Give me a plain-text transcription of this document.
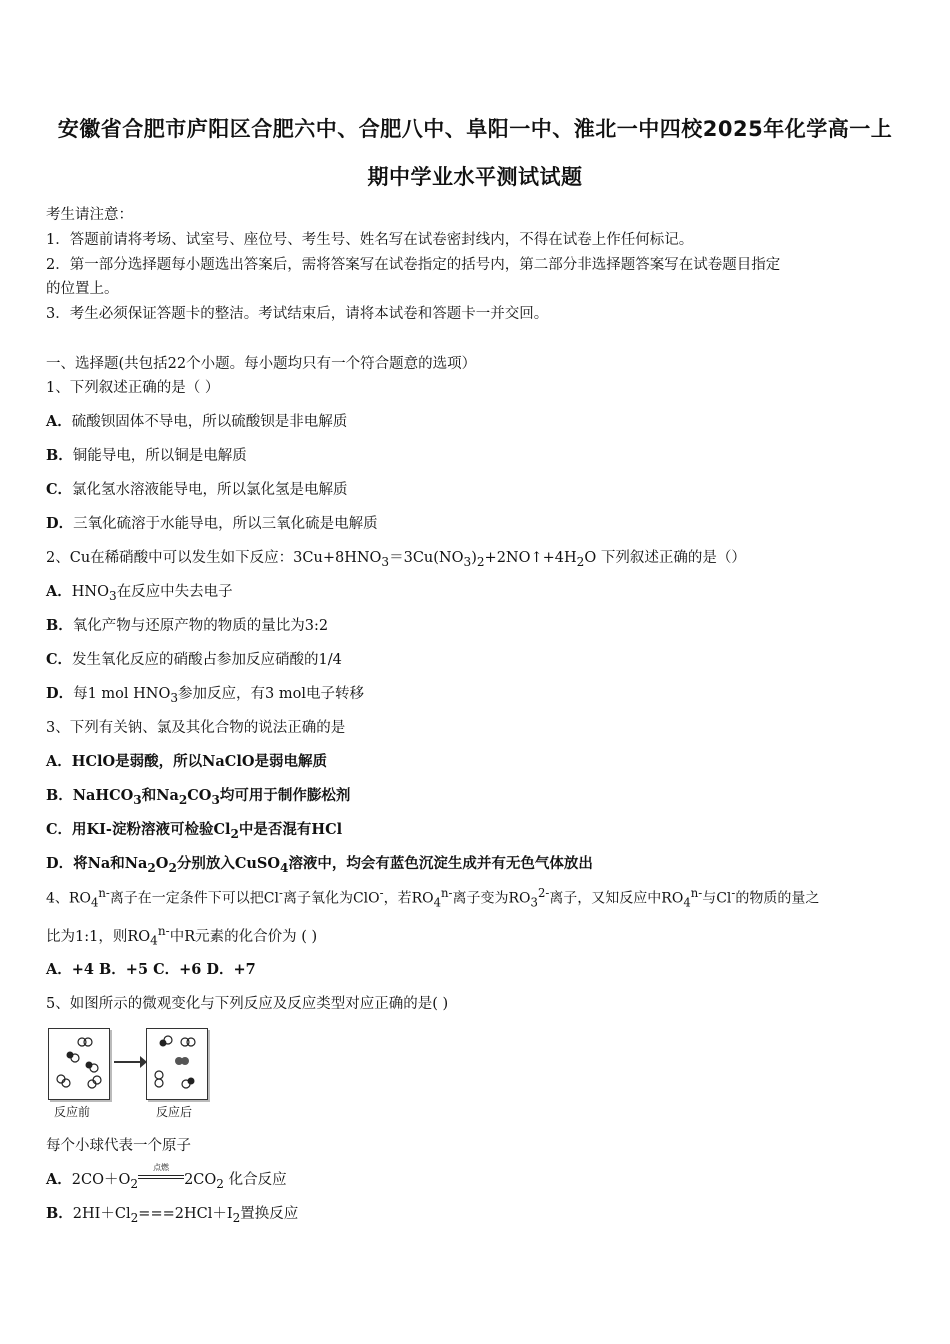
安徽省合肥市庐阳区合肥六中、合肥八中、阜阳一中、淮北一中四校2025年化学高一上
期中学业水平测试试题
考生请注意：
1．答题前请将考场、试室号、座位号、考生号、姓名写在试卷密封线内，不得在试卷上作任何标记。
2．第一部分选择题每小题选出答案后，需将答案写在试卷指定的括号内，第二部分非选择题答案写在试卷题目指定
的位置上。
3．考生必须保证答题卡的整洁。考试结束后，请将本试卷和答题卡一并交回。
一、选择题(共包括22个小题。每小题均只有一个符合题意的选项）
1、下列叙述正确的是（ ）
A．硫酸钡固体不导电，所以硫酸钡是非电解质
B．铜能导电，所以铜是电解质
C．氯化氢水溶液能导电，所以氯化氢是电解质
D．三氧化硫溶于水能导电，所以三氧化硫是电解质
2、Cu在稀硝酸中可以发生如下反应：$3Cu+8HNO_3=3Cu(NO_3)_2+2NO↑+4H_2O$ 下列叙述正确的是（）
A．$HNO_3$在反应中失去电子
B．氧化产物与还原产物的物质的量比为3:2
C．发生氧化反应的硝酸占参加反应硝酸的1/4
D．每1 mol $HNO_3$参加反应，有3 mol电子转移
3、下列有关钠、氯及其化合物的说法正确的是
A．HClO是弱酸，所以NaClO是弱电解质
B．NaHCO$_3$和$Na_2CO_3$均可用于制作膨松剂
C．用KI-淀粉溶液可检验$Cl_2$中是否混有HCl
D．将Na和$Na_2O_2$分别放入CuSO$_4$溶液中，均会有蓝色沉淀生成并有无色气体放出
4、$RO_4^{n-}$离子在一定条件下可以把Cl-离子氧化为ClO-，若$RO_4^{n-}$离子变为$RO_3^{2-}$离子，又知反应中$RO_4^{n-}$与Cl-的物质的量之
比为1:1，则$RO_4^{n-}$中R元素的化合价为 ( )
A．+4 B．+5 C．+6 D．+7
5、如图所示的微观变化与下列反应及反应类型对应正确的是( )
反应前	反应后
每个小球代表一个原子
A．$2CO+O_2$
点燃
$2CO_2$ 化合反应
B．$2HI+Cl_2===2HCl+I_2$置换反应
